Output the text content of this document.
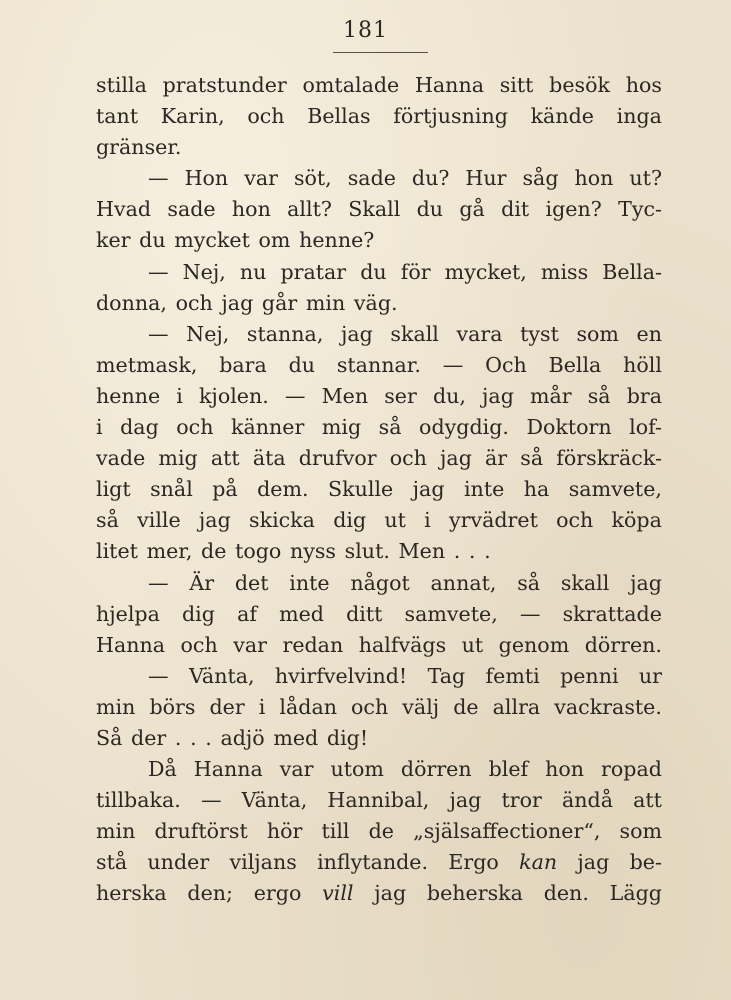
181
stilla pratstunder omtalade Hanna sitt besök hos
tant Karin, och Bellas förtjusning kände inga
gränser.
— Hon var söt, sade du? Hur såg hon ut?
Hvad sade hon allt? Skall du gå dit igen? Tyc-
ker du mycket om henne?
— Nej, nu pratar du för mycket, miss Bella-
donna, och jag går min väg.
— Nej, stanna, jag skall vara tyst som en
metmask, bara du stannar. — Och Bella höll
henne i kjolen. — Men ser du, jag mår så bra
i dag och känner mig så odygdig. Doktorn lof-
vade mig att äta drufvor och jag är så förskräck-
ligt snål på dem. Skulle jag inte ha samvete,
så ville jag skicka dig ut i yrvädret och köpa
litet mer, de togo nyss slut. Men . . .
— Är det inte något annat, så skall jag
hjelpa dig af med ditt samvete, — skrattade
Hanna och var redan halfvägs ut genom dörren.
— Vänta, hvirfvelvind! Tag femti penni ur
min börs der i lådan och välj de allra vackraste.
Så der . . . adjö med dig!
Då Hanna var utom dörren blef hon ropad
tillbaka. — Vänta, Hannibal, jag tror ändå att
min druftörst hör till de „själsaffectioner“, som
stå under viljans inflytande. Ergo kan jag be-
herska den; ergo vill jag beherska den. Lägg
